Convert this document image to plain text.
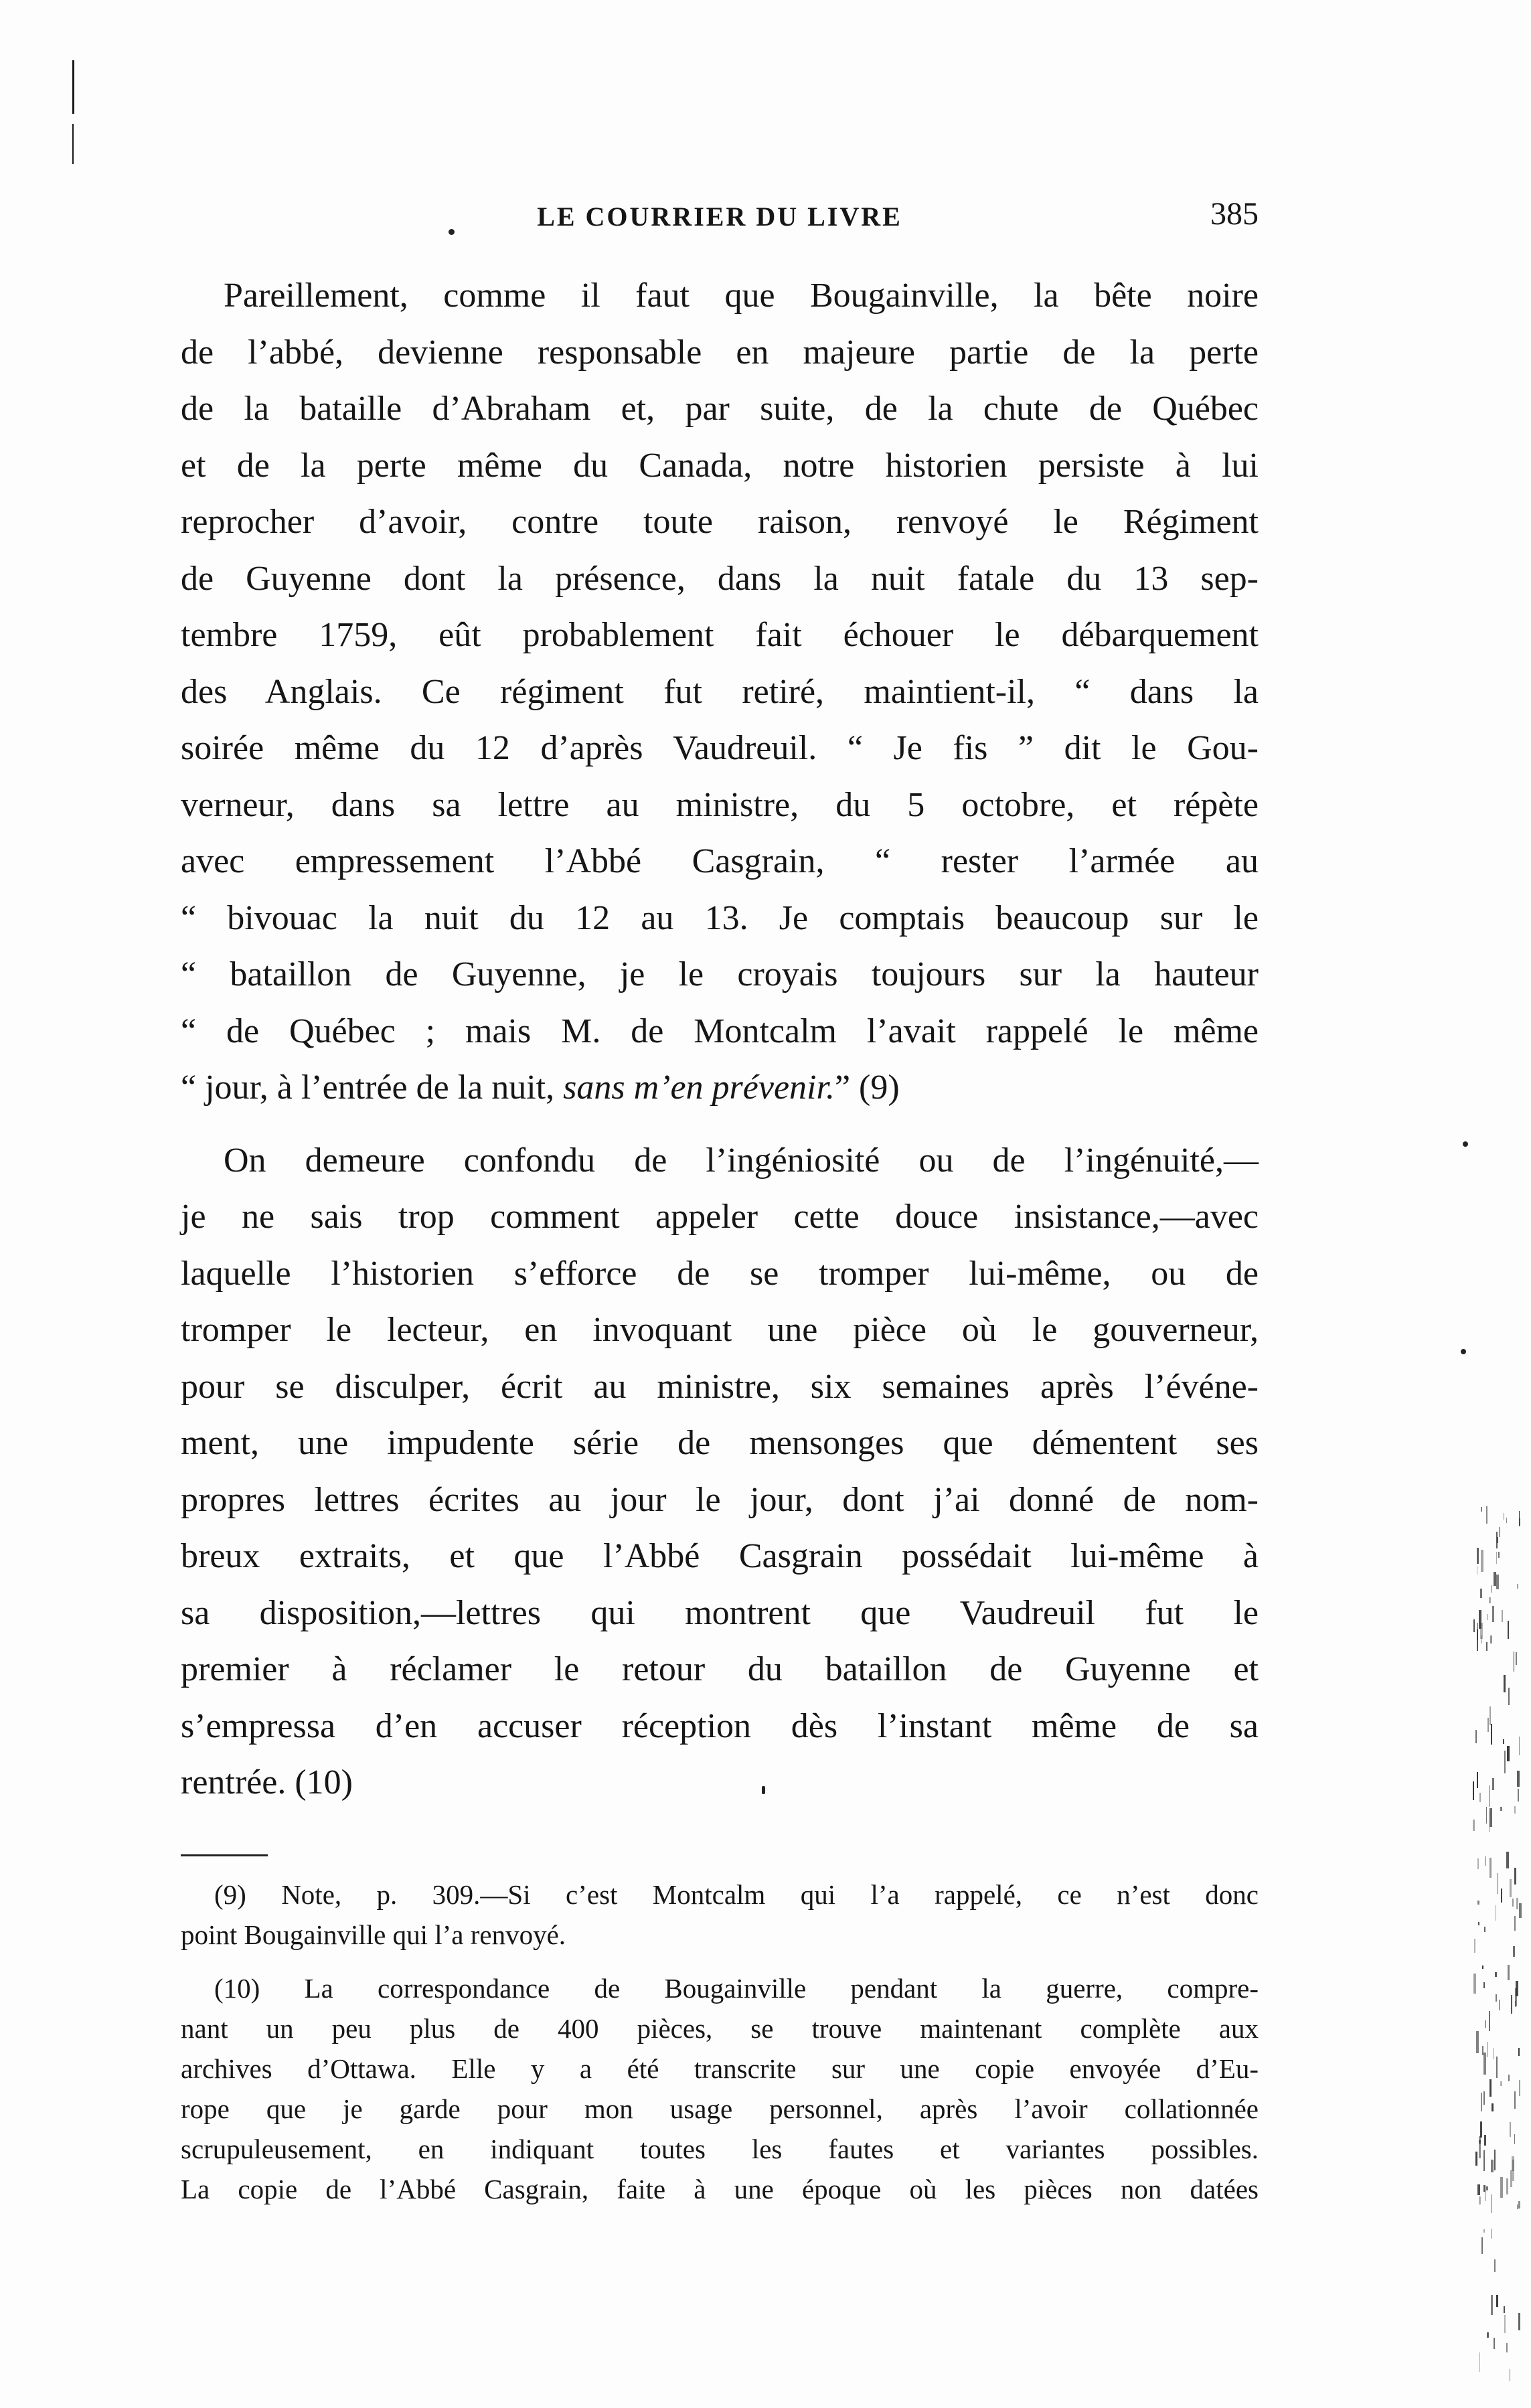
LE COURRIER DU LIVRE	385

Pareillement, comme il faut que Bougainville, la bête noire
de l’abbé, devienne responsable en majeure partie de la perte
de la bataille d’Abraham et, par suite, de la chute de Québec
et de la perte même du Canada, notre historien persiste à lui
reprocher d’avoir, contre toute raison, renvoyé le Régiment
de Guyenne dont la présence, dans la nuit fatale du 13 sep-
tembre 1759, eût probablement fait échouer le débarquement
des Anglais. Ce régiment fut retiré, maintient-il, “ dans la
soirée même du 12 d’après Vaudreuil. “ Je fis ” dit le Gou-
verneur, dans sa lettre au ministre, du 5 octobre, et répète
avec empressement l’Abbé Casgrain, “ rester l’armée au
“ bivouac la nuit du 12 au 13. Je comptais beaucoup sur le
“ bataillon de Guyenne, je le croyais toujours sur la hauteur
“ de Québec ; mais M. de Montcalm l’avait rappelé le même
“ jour, à l’entrée de la nuit, sans m’en prévenir.” (9)

On demeure confondu de l’ingéniosité ou de l’ingénuité,—
je ne sais trop comment appeler cette douce insistance,—avec
laquelle l’historien s’efforce de se tromper lui-même, ou de
tromper le lecteur, en invoquant une pièce où le gouverneur,
pour se disculper, écrit au ministre, six semaines après l’événe-
ment, une impudente série de mensonges que démentent ses
propres lettres écrites au jour le jour, dont j’ai donné de nom-
breux extraits, et que l’Abbé Casgrain possédait lui-même à
sa disposition,—lettres qui montrent que Vaudreuil fut le
premier à réclamer le retour du bataillon de Guyenne et
s’empressa d’en accuser réception dès l’instant même de sa
rentrée. (10)

(9) Note, p. 309.—Si c’est Montcalm qui l’a rappelé, ce n’est donc
point Bougainville qui l’a renvoyé.

(10) La correspondance de Bougainville pendant la guerre, compre-
nant un peu plus de 400 pièces, se trouve maintenant complète aux
archives d’Ottawa. Elle y a été transcrite sur une copie envoyée d’Eu-
rope que je garde pour mon usage personnel, après l’avoir collationnée
scrupuleusement, en indiquant toutes les fautes et variantes possibles.
La copie de l’Abbé Casgrain, faite à une époque où les pièces non datées
